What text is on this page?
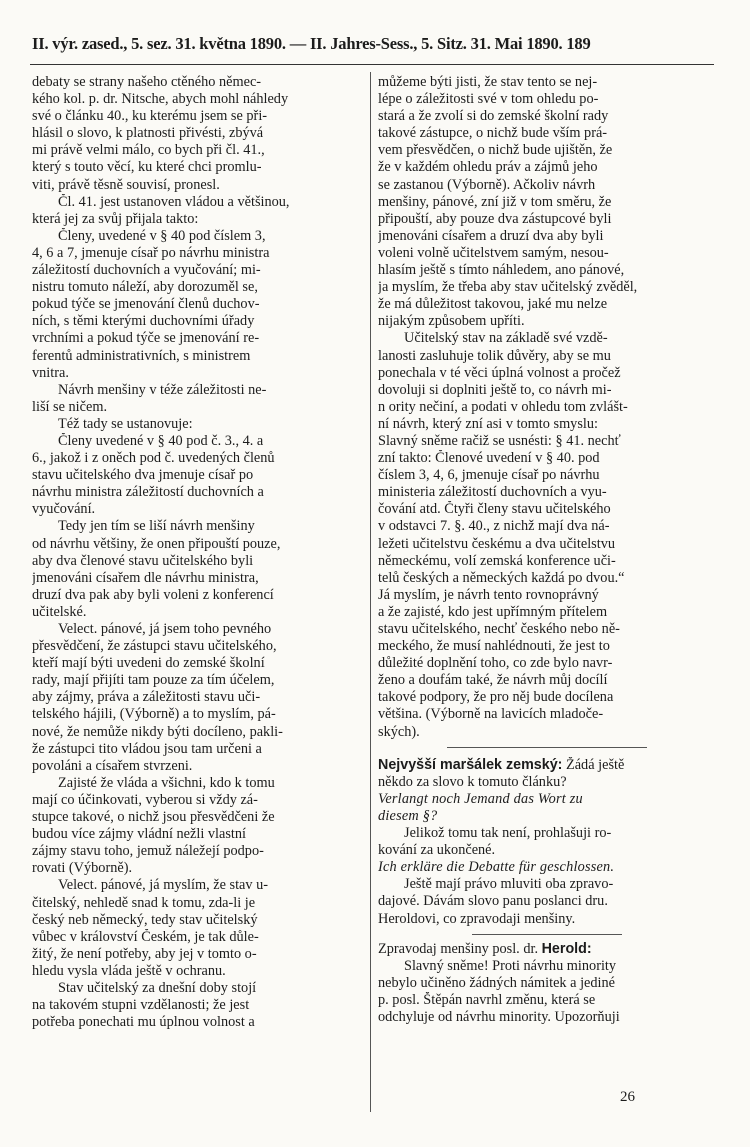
II. výr. zased., 5. sez. 31. května 1890. — II. Jahres-Sess., 5. Sitz. 31. Mai 1890. 189
debaty se strany našeho ctěného němec-
kého kol. p. dr. Nitsche, abych mohl náhledy
své o článku 40., ku kterému jsem se při-
hlásil o slovo, k platnosti přivésti, zbývá
mi právě velmi málo, co bych při čl. 41.,
který s touto věcí, ku které chci promlu-
viti, právě těsně souvisí, pronesl.
Čl. 41. jest ustanoven vládou a většinou,
která jej za svůj přijala takto:
Členy, uvedené v § 40 pod číslem 3,
4, 6 a 7, jmenuje císař po návrhu ministra
záležitostí duchovních a vyučování; mi-
nistru tomuto náleží, aby dorozuměl se,
pokud týče se jmenování členů duchov-
ních, s těmi kterými duchovními úřady
vrchními a pokud týče se jmenování re-
ferentů administrativních, s ministrem
vnitra.
Návrh menšiny v téže záležitosti ne-
liší se ničem.
Též tady se ustanovuje:
Členy uvedené v § 40 pod č. 3., 4. a
6., jakož i z oněch pod č. uvedených členů
stavu učitelského dva jmenuje císař po
návrhu ministra záležitostí duchovních a
vyučování.
Tedy jen tím se liší návrh menšiny
od návrhu většiny, že onen připouští pouze,
aby dva členové stavu učitelského byli
jmenováni císařem dle návrhu ministra,
druzí dva pak aby byli voleni z konferencí
učitelské.
Velect. pánové, já jsem toho pevného
přesvědčení, že zástupci stavu učitelského,
kteří mají býti uvedeni do zemské školní
rady, mají přijíti tam pouze za tím účelem,
aby zájmy, práva a záležitosti stavu uči-
telského hájili, (Výborně) a to myslím, pá-
nové, že nemůže nikdy býti docíleno, pakli-
že zástupci tito vládou jsou tam určeni a
povoláni a císařem stvrzeni.
Zajisté že vláda a všichni, kdo k tomu
mají co účinkovati, vyberou si vždy zá-
stupce takové, o nichž jsou přesvědčeni že
budou více zájmy vládní nežli vlastní
zájmy stavu toho, jemuž náležejí podpo-
rovati (Výborně).
Velect. pánové, já myslím, že stav u-
čitelský, nehledě snad k tomu, zda-li je
český neb německý, tedy stav učitelský
vůbec v království Českém, je tak důle-
žitý, že není potřeby, aby jej v tomto o-
hledu vysla vláda ještě v ochranu.
Stav učitelský za dnešní doby stojí
na takovém stupni vzdělanosti; že jest
potřeba ponechati mu úplnou volnost a
můžeme býti jisti, že stav tento se nej-
lépe o záležitosti své v tom ohledu po-
stará a že zvolí si do zemské školní rady
takové zástupce, o nichž bude vším prá-
vem přesvědčen, o nichž bude ujištěn, že
že v každém ohledu práv a zájmů jeho
se zastanou (Výborně). Ačkoliv návrh
menšiny, pánové, zní již v tom směru, že
připouští, aby pouze dva zástupcové byli
jmenováni císařem a druzí dva aby byli
voleni volně učitelstvem samým, nesou-
hlasím ještě s tímto náhledem, ano pánové,
ja myslím, že třeba aby stav učitelský zvěděl,
že má důležitost takovou, jaké mu nelze
nijakým způsobem upříti.
Učitelský stav na základě své vzdě-
lanosti zasluhuje tolik důvěry, aby se mu
ponechala v té věci úplná volnost a pročež
dovoluji si doplniti ještě to, co návrh mi-
n ority nečiní, a podati v ohledu tom zvlášt-
ní návrh, který zní asi v tomto smyslu:
Slavný sněme račiž se usnésti: § 41. nechť
zní takto: Členové uvedení v § 40. pod
číslem 3, 4, 6, jmenuje císař po návrhu
ministeria záležitostí duchovních a vyu-
čování atd. Čtyři členy stavu učitelského
v odstavci 7. §. 40., z nichž mají dva ná-
ležeti učitelstvu českému a dva učitelstvu
německému, volí zemská konference uči-
telů českých a německých každá po dvou.“
Já myslím, je návrh tento rovnoprávný
a že zajisté, kdo jest upřímným přítelem
stavu učitelského, nechť českého nebo ně-
meckého, že musí nahlédnouti, že jest to
důležité doplnění toho, co zde bylo navr-
ženo a doufám také, že návrh můj docílí
takové podpory, že pro něj bude docílena
většina. (Výborně na lavicích mladoče-
ských).
Nejvyšší maršálek zemský: Žádá ještě
někdo za slovo k tomuto článku?
Verlangt noch Jemand das Wort zu
diesem §?
Jelikož tomu tak není, prohlašuji ro-
kování za ukončené.
Ich erkläre die Debatte für geschlossen.
Ještě mají právo mluviti oba zpravo-
dajové. Dávám slovo panu poslanci dru.
Heroldovi, co zpravodaji menšiny.
Zpravodaj menšiny posl. dr. Herold:
Slavný sněme! Proti návrhu minority
nebylo učiněno žádných námitek a jediné
p. posl. Štěpán navrhl změnu, která se
odchyluje od návrhu minority. Upozorňuji
26
